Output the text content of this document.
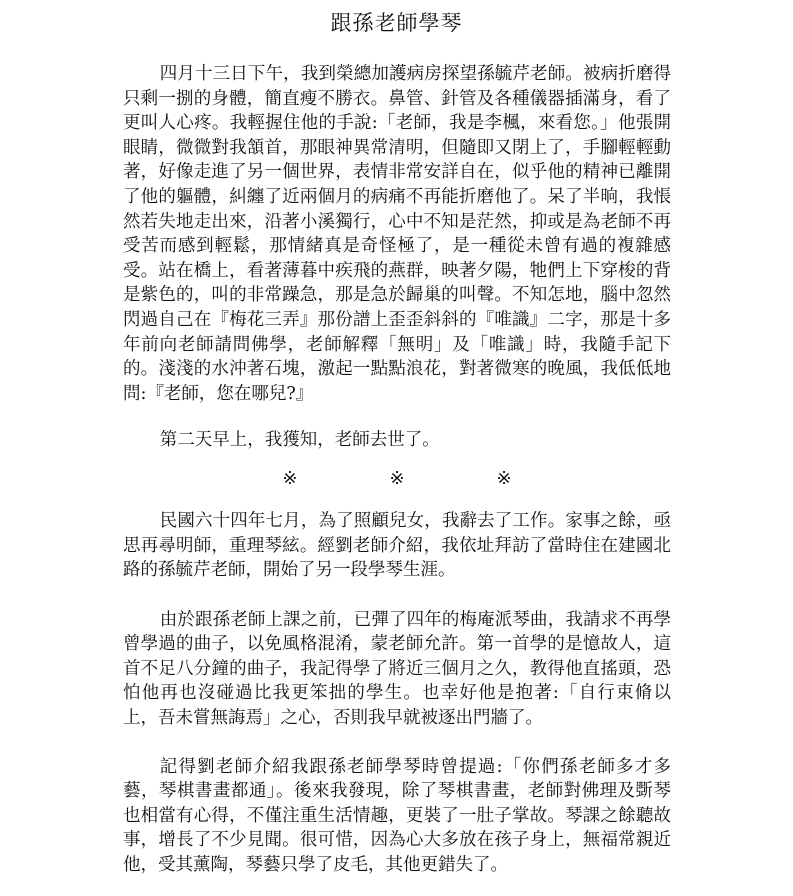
跟孫老師學琴

四月十三日下午，我到榮總加護病房探望孫毓芹老師。被病折磨得只剩一捌的身體，簡直瘦不勝衣。鼻管、針管及各種儀器插滿身，看了更叫人心疼。我輕握住他的手說:「老師，我是李楓，來看您。」他張開眼睛，微微對我頷首，那眼神異常清明，但隨即又閉上了，手腳輕輕動著，好像走進了另一個世界，表情非常安詳自在，似乎他的精神已離開了他的軀體，糾纏了近兩個月的病痛不再能折磨他了。呆了半晌，我悵然若失地走出來，沿著小溪獨行，心中不知是茫然，抑或是為老師不再受苦而感到輕鬆，那情緒真是奇怪極了，是一種從未曾有過的複雜感受。站在橋上，看著薄暮中疾飛的燕群，映著夕陽，牠們上下穿梭的背是紫色的，叫的非常躁急，那是急於歸巢的叫聲。不知怎地，腦中忽然閃過自己在『梅花三弄』那份譜上歪歪斜斜的『唯識』二字，那是十多年前向老師請問佛學，老師解釋「無明」及「唯識」時，我隨手記下的。淺淺的水沖著石塊，激起一點點浪花，對著微寒的晚風，我低低地問:『老師，您在哪兒?』

第二天早上，我獲知，老師去世了。

※	※	※

民國六十四年七月，為了照顧兒女，我辭去了工作。家事之餘，亟思再尋明師，重理琴絃。經劉老師介紹，我依址拜訪了當時住在建國北路的孫毓芹老師，開始了另一段學琴生涯。

由於跟孫老師上課之前，已彈了四年的梅庵派琴曲，我請求不再學曾學過的曲子，以免風格混淆，蒙老師允許。第一首學的是憶故人，這首不足八分鐘的曲子，我記得學了將近三個月之久，教得他直搖頭，恐怕他再也沒碰過比我更笨拙的學生。也幸好他是抱著:「自行束脩以上，吾未嘗無誨焉」之心，否則我早就被逐出門牆了。

記得劉老師介紹我跟孫老師學琴時曾提過:「你們孫老師多才多藝，琴棋書畫都通」。後來我發現，除了琴棋書畫，老師對佛理及斲琴也相當有心得，不僅注重生活情趣，更裝了一肚子掌故。琴課之餘聽故事，增長了不少見聞。很可惜，因為心大多放在孩子身上，無福常親近他，受其薰陶，琴藝只學了皮毛，其他更錯失了。
